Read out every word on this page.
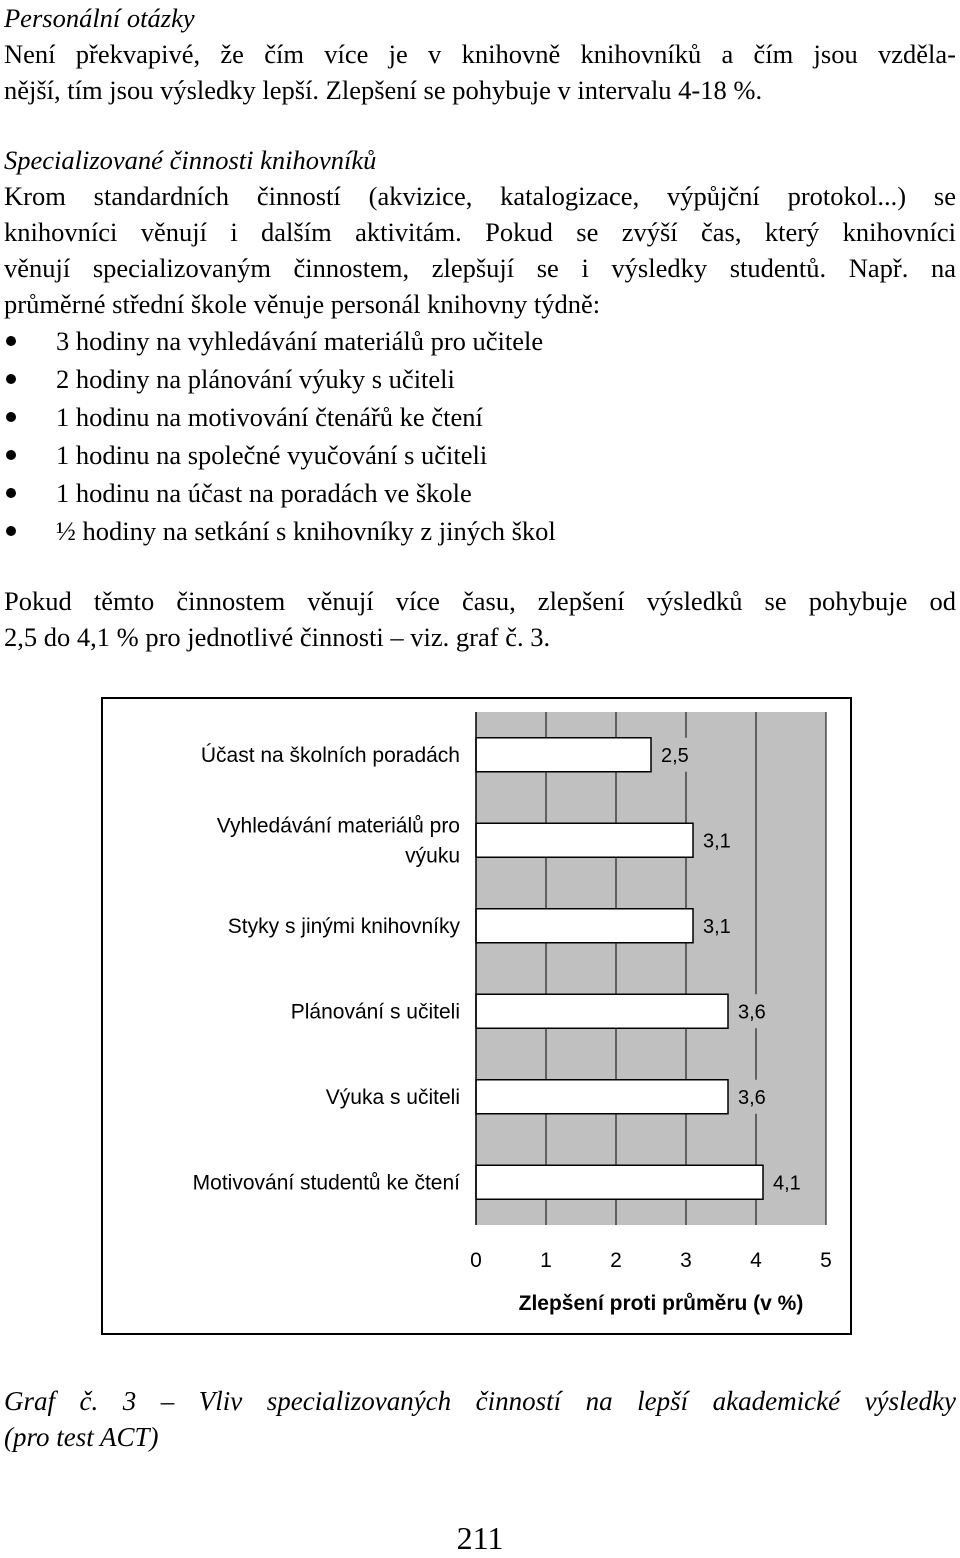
Personální otázky
Není překvapivé, že čím více je v knihovně knihovníků a čím jsou vzděla-
nější, tím jsou výsledky lepší. Zlepšení se pohybuje v intervalu 4-18 %.
Specializované činnosti knihovníků
Krom standardních činností (akvizice, katalogizace, výpůjční protokol...) se
knihovníci věnují i dalším aktivitám. Pokud se zvýší čas, který knihovníci
věnují specializovaným činnostem, zlepšují se i výsledky studentů. Např. na
průměrné střední škole věnuje personál knihovny týdně:
3 hodiny na vyhledávání materiálů pro učitele
2 hodiny na plánování výuky s učiteli
1 hodinu na motivování čtenářů ke čtení
1 hodinu na společné vyučování s učiteli
1 hodinu na účast na poradách ve škole
½ hodiny na setkání s knihovníky z jiných škol
Pokud těmto činnostem věnují více času, zlepšení výsledků se pohybuje od
2,5 do 4,1 % pro jednotlivé činnosti – viz. graf č. 3.
2,5
Účast na školních poradách
3,1
Vyhledávání materiálů pro
výuku
3,1
Styky s jinými knihovníky
3,6
Plánování s učiteli
3,6
Výuka s učiteli
4,1
Motivování studentů ke čtení
0	1	2	3	4	5
Zlepšení proti průměru (v %)
Graf č. 3 – Vliv specializovaných činností na lepší akademické výsledky
(pro test ACT)
211
